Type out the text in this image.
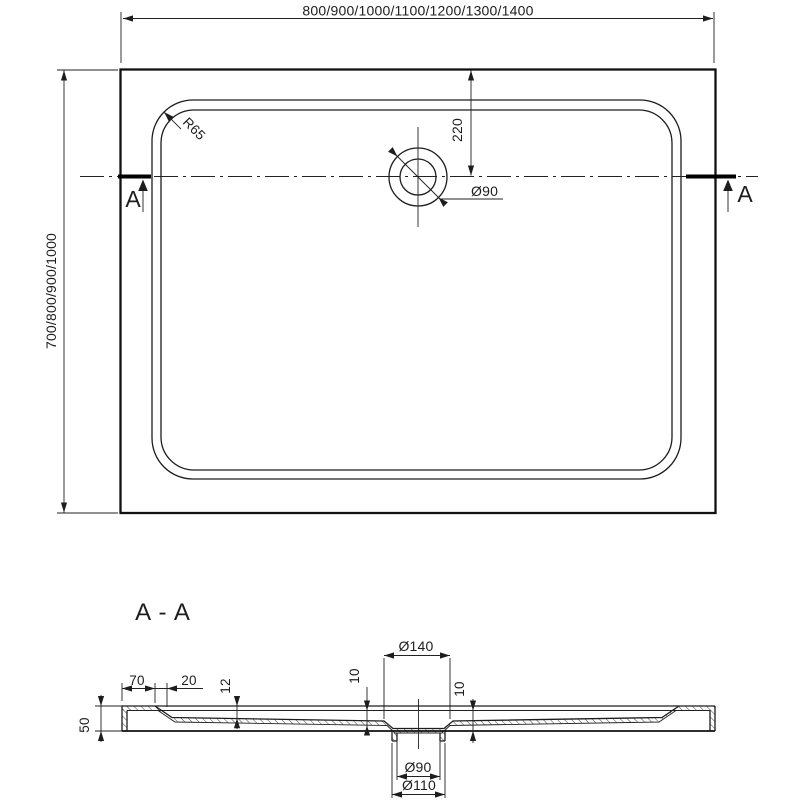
800/900/1000/1100/1200/1300/1400
700/800/900/1000
220
Ø90
R65
A	A
A - A
50
70	20 12
10
10
Ø140
Ø90
Ø110
